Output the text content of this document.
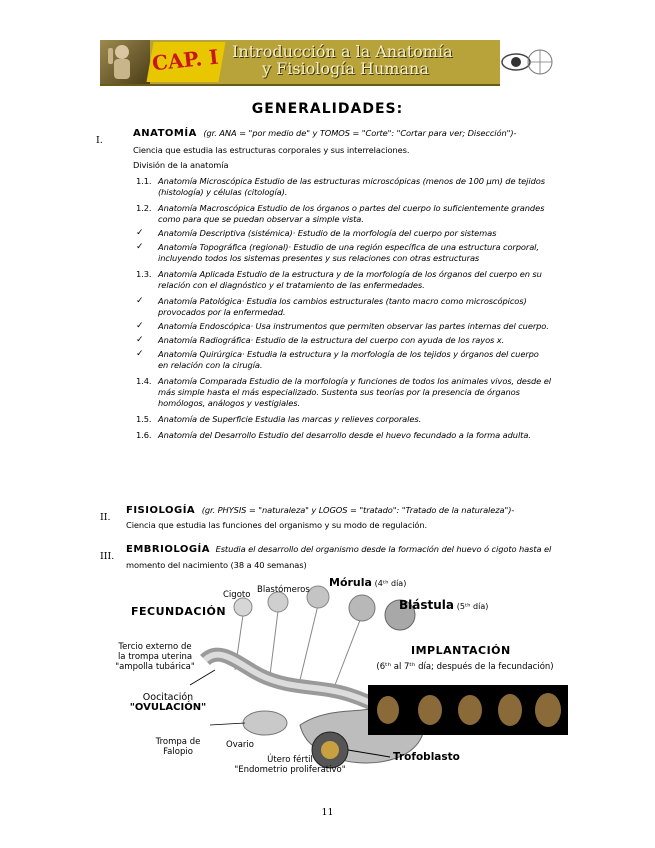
CAP. I Introducción a la Anatomía
y Fisiología Humana
GENERALIDADES:
I.
ANATOMÍA (gr. ANA = "por medio de" y TOMOS = "Corte": "Cortar para ver; Disección")-
Ciencia que estudia las estructuras corporales y sus interrelaciones.
División de la anatomía
1.1. Anatomía Microscópica Estudio de las estructuras microscópicas (menos de 100 µm) de tejidos
(histología) y células (citología).
1.2. Anatomía Macroscópica Estudio de los órganos o partes del cuerpo lo suficientemente grandes
como para que se puedan observar a simple vista.
✓	Anatomía Descriptiva (sistémica)· Estudio de la morfología del cuerpo por sistemas
✓	Anatomía Topográfica (regional)· Estudio de una región específica de una estructura corporal,
incluyendo todos los sistemas presentes y sus relaciones con otras estructuras
1.3. Anatomía Aplicada Estudio de la estructura y de la morfología de los órganos del cuerpo en su
relación con el diagnóstico y el tratamiento de las enfermedades.
✓	Anatomía Patológica· Estudia los cambios estructurales (tanto macro como microscópicos)
provocados por la enfermedad.
✓	Anatomía Endoscópica· Usa instrumentos que permiten observar las partes internas del cuerpo.
✓	Anatomía Radiográfica· Estudio de la estructura del cuerpo con ayuda de los rayos x.
✓	Anatomía Quirúrgica· Estudia la estructura y la morfología de los tejidos y órganos del cuerpo
en relación con la cirugía.
1.4. Anatomía Comparada Estudio de la morfología y funciones de todos los animales vivos, desde el
más simple hasta el más especializado. Sustenta sus teorías por la presencia de órganos
homólogos, análogos y vestigiales.
1.5. Anatomía de Superficie Estudia las marcas y relieves corporales.
1.6. Anatomía del Desarrollo Estudio del desarrollo desde el huevo fecundado a la forma adulta.
II.
FISIOLOGÍA (gr. PHYSIS = "naturaleza" y LOGOS = "tratado": "Tratado de la naturaleza")-
Ciencia que estudia las funciones del organismo y su modo de regulación.
III.
EMBRIOLOGÍA Estudia el desarrollo del organismo desde la formación del huevo ó cigoto hasta el
momento del nacimiento (38 a 40 semanas)
Cigoto Blastómeros
Mórula (4ᵗʰ día)
Blástula (5ᵗʰ día)
FECUNDACIÓN
Tercio externo de
la trompa uterina
"ampolla tubárica"
Oocitación
"OVULACIÓN"
Trompa de
Falopio
Ovario
Útero fértil
"Endometrio proliferativo"
IMPLANTACIÓN
(6ᵗʰ al 7ᵗʰ día; después de la fecundación)
Trofoblasto
11
